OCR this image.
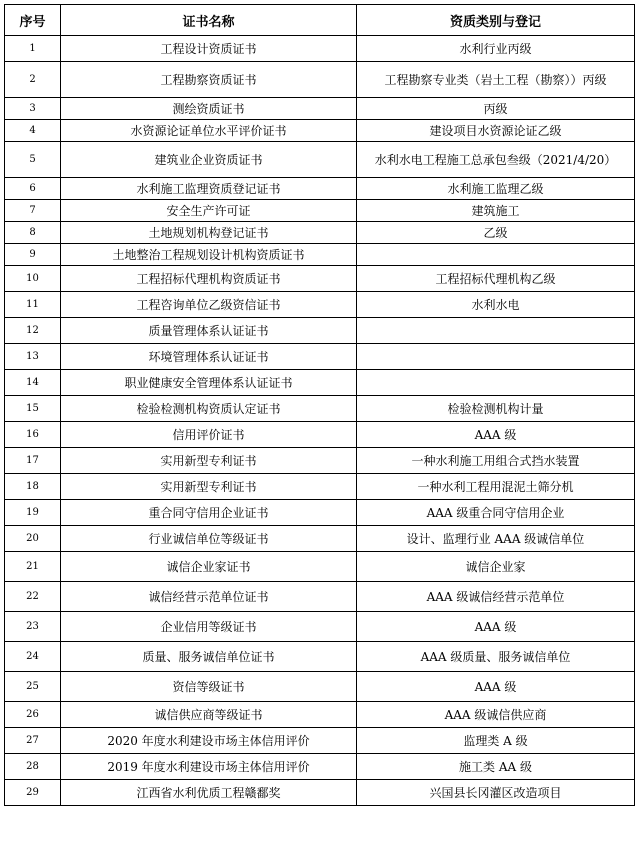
序号	证书名称	资质类别与登记
1	工程设计资质证书	水利行业丙级
2	工程勘察资质证书	工程勘察专业类（岩土工程（勘察））丙级
3	测绘资质证书	丙级
4	水资源论证单位水平评价证书	建设项目水资源论证乙级
5	建筑业企业资质证书	水利水电工程施工总承包叁级（2021/4/20）
6	水利施工监理资质登记证书	水利施工监理乙级
7	安全生产许可证	建筑施工
8	土地规划机构登记证书	乙级
9	土地整治工程规划设计机构资质证书	
10	工程招标代理机构资质证书	工程招标代理机构乙级
11	工程咨询单位乙级资信证书	水利水电
12	质量管理体系认证证书	
13	环境管理体系认证证书	
14	职业健康安全管理体系认证证书	
15	检验检测机构资质认定证书	检验检测机构计量
16	信用评价证书	AAA 级
17	实用新型专利证书	一种水利施工用组合式挡水装置
18	实用新型专利证书	一种水利工程用混泥土筛分机
19	重合同守信用企业证书	AAA 级重合同守信用企业
20	行业诚信单位等级证书	设计、监理行业 AAA 级诚信单位
21	诚信企业家证书	诚信企业家
22	诚信经营示范单位证书	AAA 级诚信经营示范单位
23	企业信用等级证书	AAA 级
24	质量、服务诚信单位证书	AAA 级质量、服务诚信单位
25	资信等级证书	AAA 级
26	诚信供应商等级证书	AAA 级诚信供应商
27	2020 年度水利建设市场主体信用评价	监理类 A 级
28	2019 年度水利建设市场主体信用评价	施工类 AA 级
29	江西省水利优质工程赣鄱奖	兴国县长冈灌区改造项目
